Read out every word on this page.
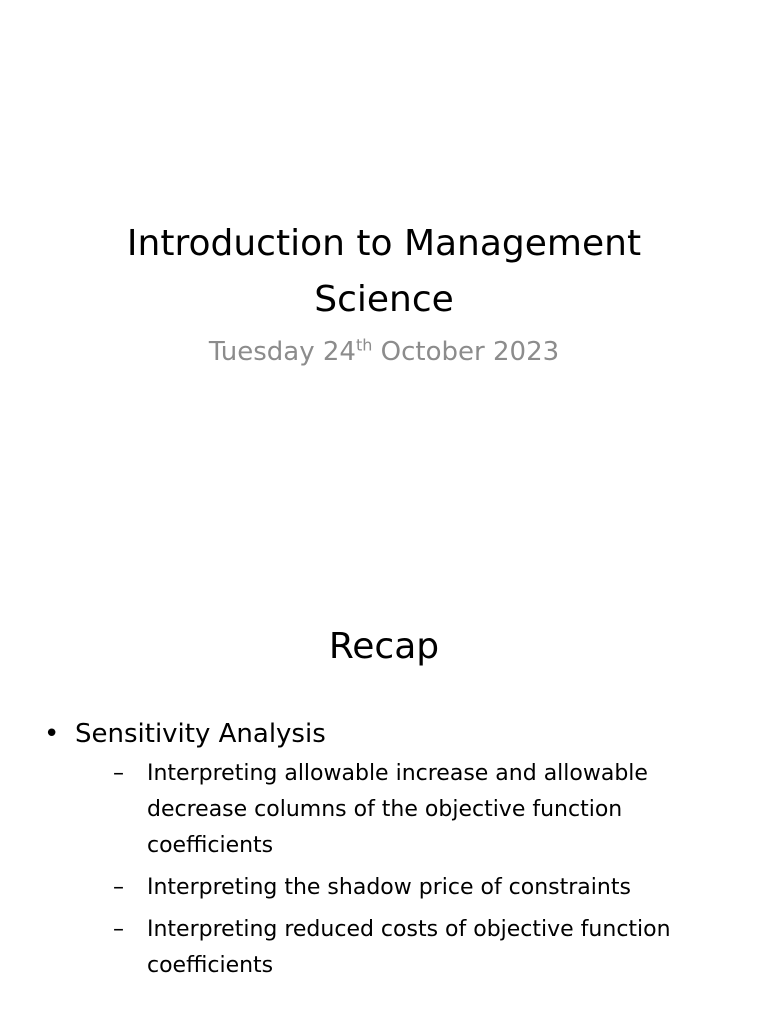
Introduction to Management Science
Tuesday 24th October 2023
Recap
• Sensitivity Analysis
– Interpreting allowable increase and allowable decrease columns of the objective function coefficients
– Interpreting the shadow price of constraints
– Interpreting reduced costs of objective function coefficients
